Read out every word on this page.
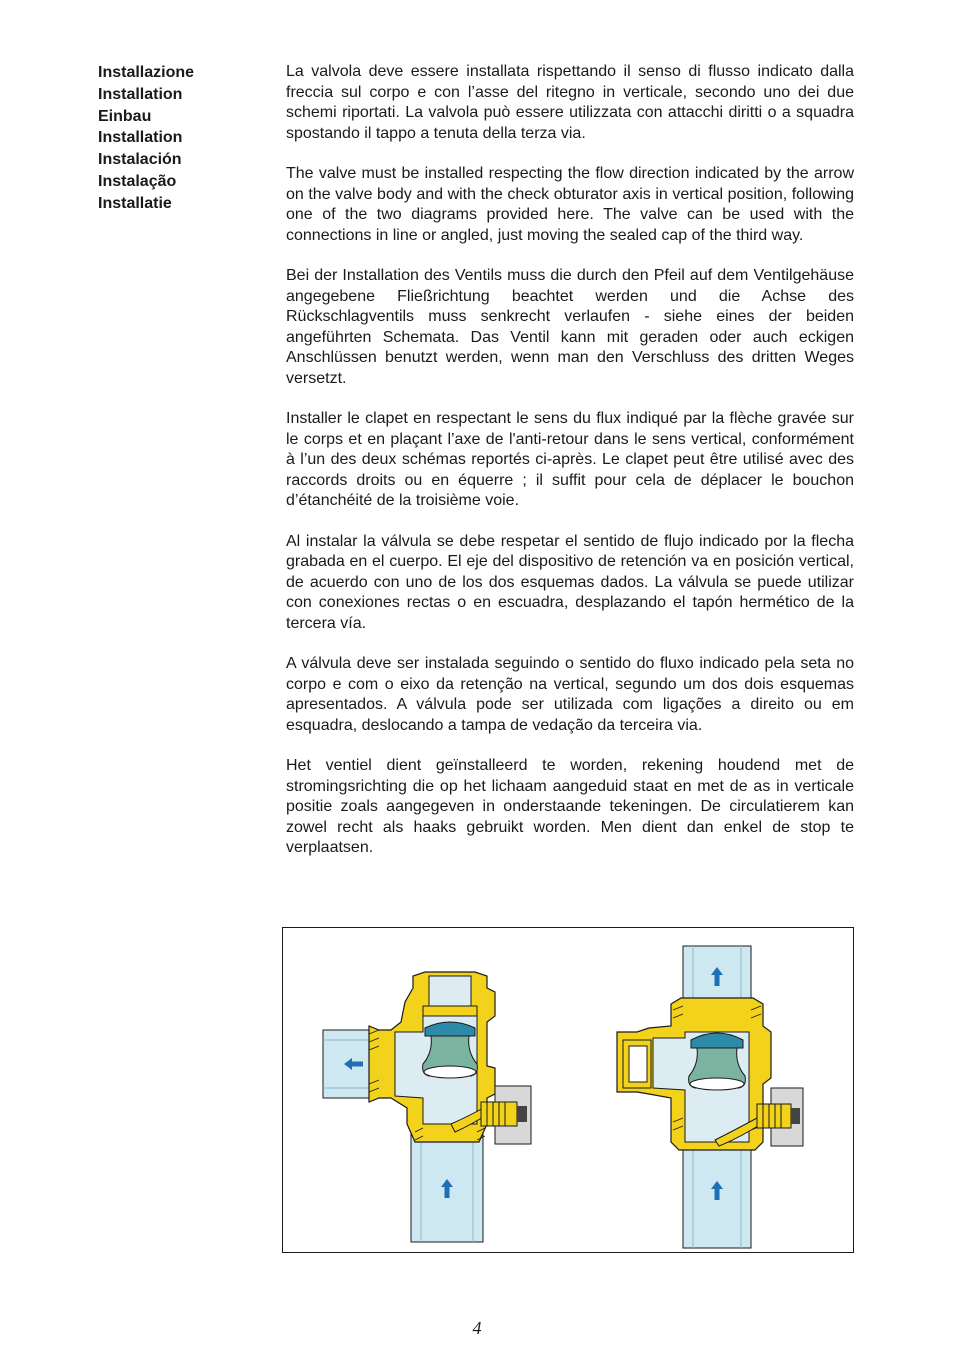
Installazione
Installation
Einbau
Installation
Instalación
Instalação
Installatie

La valvola deve essere installata rispettando il senso di flusso indicato dalla freccia sul corpo e con l’asse del ritegno in verticale, secondo uno dei due schemi riportati. La valvola può essere utilizzata con attacchi diritti o a squadra spostando il tappo a tenuta della terza via.

The valve must be installed respecting the flow direction indicated by the arrow on the valve body and with the check obturator axis in vertical position, following one of the two diagrams provided here. The valve can be used with the connections in line or angled, just moving the sealed cap of the third way.

Bei der Installation des Ventils muss die durch den Pfeil auf dem Ventilgehäuse angegebene Fließrichtung beachtet werden und die Achse des Rückschlagventils muss senkrecht verlaufen - siehe eines der beiden angeführten Schemata. Das Ventil kann mit geraden oder auch eckigen Anschlüssen benutzt werden, wenn man den Verschluss des dritten Weges versetzt.

Installer le clapet en respectant le sens du flux indiqué par la flèche gravée sur le corps et en plaçant l’axe de l'anti-retour dans le sens vertical, conformément à l’un des deux schémas reportés ci-après. Le clapet peut être utilisé avec des raccords droits ou en équerre ; il suffit pour cela de déplacer le bouchon d’étanchéité de la troisième voie.

Al instalar la válvula se debe respetar el sentido de flujo indicado por la flecha grabada en el cuerpo. El eje del dispositivo de retención va en posición vertical, de acuerdo con uno de los dos esquemas dados. La válvula se puede utilizar con conexiones rectas o en escuadra, desplazando el tapón hermético de la tercera vía.

A válvula deve ser instalada seguindo o sentido do fluxo indicado pela seta no corpo e com o eixo da retenção na vertical, segundo um dos dois esquemas apresentados. A válvula pode ser utilizada com ligações a direito ou em esquadra, deslocando a tampa de vedação da terceira via.

Het ventiel dient geïnstalleerd te worden, rekening houdend met de stromingsrichting die op het lichaam aangeduid staat en met de as in verticale positie zoals aangegeven in onderstaande tekeningen. De circulatierem kan zowel recht als haaks gebruikt worden. Men dient dan enkel de stop te verplaatsen.

4
